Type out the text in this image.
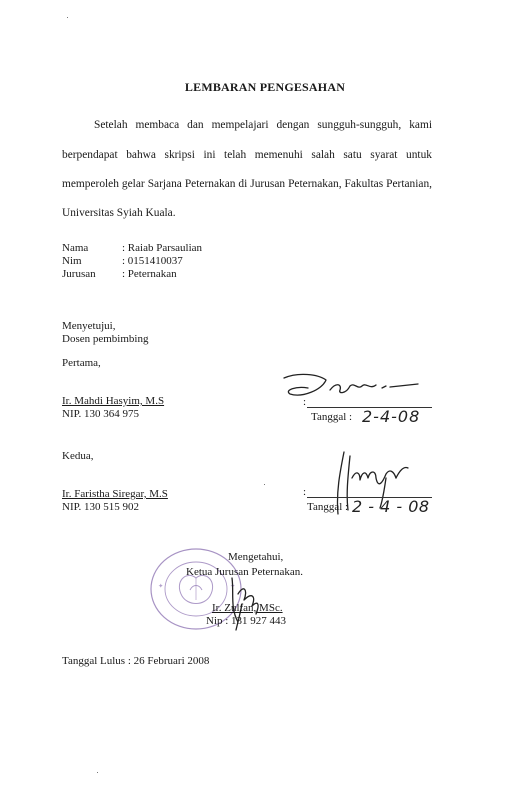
LEMBARAN PENGESAHAN
Setelah membaca dan mempelajari dengan sungguh-sungguh, kami
berpendapat bahwa skripsi ini telah memenuhi salah satu syarat untuk
memperoleh gelar Sarjana Peternakan di Jurusan Peternakan, Fakultas Pertanian,
Universitas Syiah Kuala.
Nama	: Raiab Parsaulian
Nim	: 0151410037
Jurusan : Peternakan
Menyetujui,
Dosen pembimbing
Pertama,
Ir. Mahdi Hasyim, M.S
NIP. 130 364 975
:
Tanggal : 2-4-08
Kedua,
Ir. Faristha Siregar, M.S
NIP. 130 515 902
:
Tanggal : 2 - 4 - 08
✦	✦
Mengetahui,
Ketua Jurusan Peternakan.
Ir. Zulfan, MSc.
Nip : 131 927 443
Tanggal Lulus : 26 Februari 2008
